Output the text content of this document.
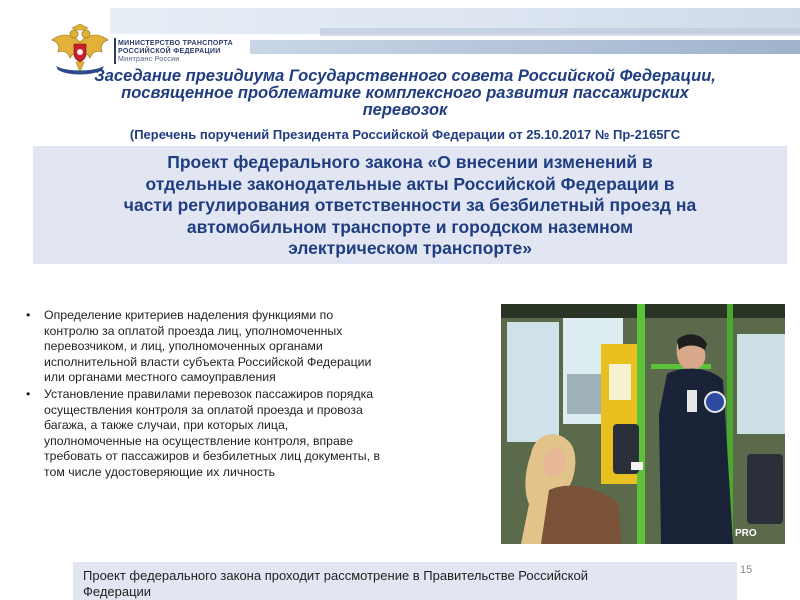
МИНИСТЕРСТВО ТРАНСПОРТА
РОССИЙСКОЙ ФЕДЕРАЦИИ
Минтранс России
Заседание президиума Государственного совета Российской Федерации,
посвященное проблематике комплексного развития пассажирских
перевозок
(Перечень поручений Президента Российской Федерации от 25.10.2017 № Пр-2165ГС
Проект федерального закона «О внесении изменений в
отдельные законодательные акты Российской Федерации в
части регулирования ответственности за безбилетный проезд на
автомобильном транспорте и городском наземном
электрическом транспорте»
• Определение критериев наделения функциями по
контролю за оплатой проезда лиц, уполномоченных
перевозчиком, и лиц, уполномоченных органами
исполнительной власти субъекта Российской Федерации
или органами местного самоуправления
• Установление правилами перевозок пассажиров порядка
осуществления контроля за оплатой проезда и провоза
багажа, а также случаи, при которых лица,
уполномоченные на осуществление контроля, вправе
требовать от пассажиров и безбилетных лиц документы, в
том числе удостоверяющие их личность
PRO
Проект федерального закона проходит рассмотрение в Правительстве Российской
Федерации
15
